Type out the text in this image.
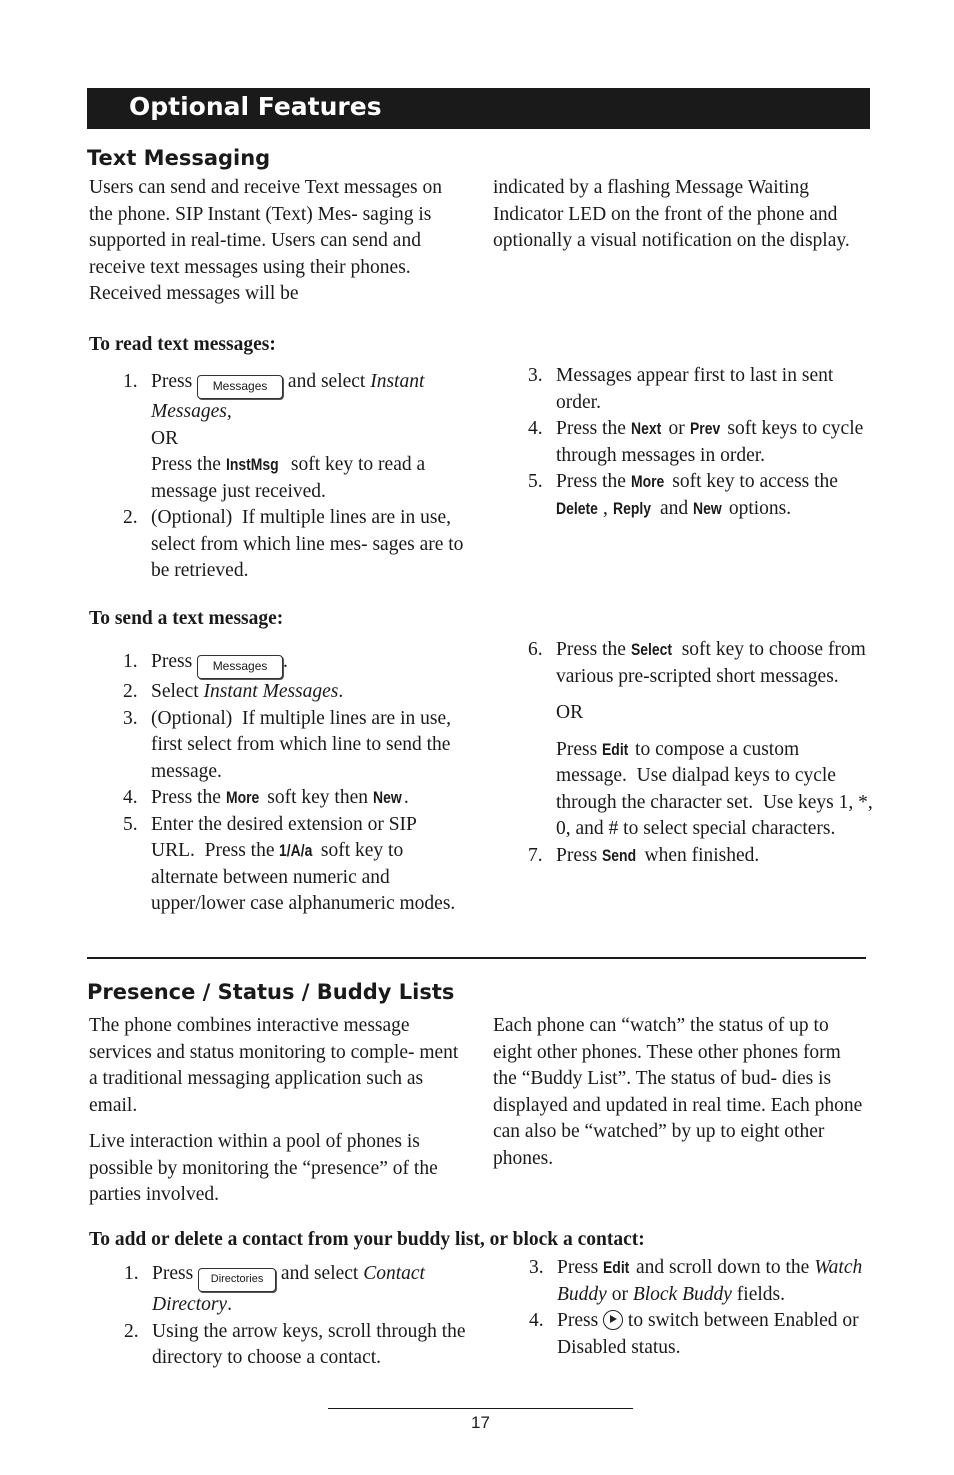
Optional Features
Text Messaging
Users can send and receive Text messages on the phone. SIP Instant (Text) Mes- saging is supported in real-time. Users can send and receive text messages using their phones. Received messages will be
indicated by a flashing Message Waiting Indicator LED on the front of the phone and optionally a visual notification on the display.
To read text messages:
1. Press Messages and select Instant Messages,
OR
Press the InstMsg soft key to read a message just received.
2. (Optional)  If multiple lines are in use, select from which line mes- sages are to be retrieved.
3. Messages appear first to last in sent order.
4. Press the Next or Prev soft keys to cycle through messages in order.
5. Press the More soft key to access the Delete , Reply and New options.
To send a text message:
1. Press Messages .
2. Select Instant Messages.
3. (Optional)  If multiple lines are in use, first select from which line to send the message.
4. Press the More soft key then New .
5. Enter the desired extension or SIP URL.  Press the 1/A/a soft key to alternate between numeric and upper/lower case alphanumeric modes.
6. Press the Select soft key to choose from various pre-scripted short messages.
OR
Press Edit to compose a custom message.  Use dialpad keys to cycle through the character set.  Use keys 1, *, 0, and # to select special characters.
7. Press Send when finished.
Presence / Status / Buddy Lists
The phone combines interactive message services and status monitoring to comple- ment a traditional messaging application such as email.
Live interaction within a pool of phones is possible by monitoring the “presence” of the parties involved.
Each phone can “watch” the status of up to eight other phones. These other phones form the “Buddy List”. The status of bud- dies is displayed and updated in real time. Each phone can also be “watched” by up to eight other phones.
To add or delete a contact from your buddy list, or block a contact:
1. Press Directories and select Contact Directory.
2. Using the arrow keys, scroll through the directory to choose a contact.
3. Press Edit and scroll down to the Watch Buddy or Block Buddy fields.
4. Press  to switch between Enabled or Disabled status.
17
